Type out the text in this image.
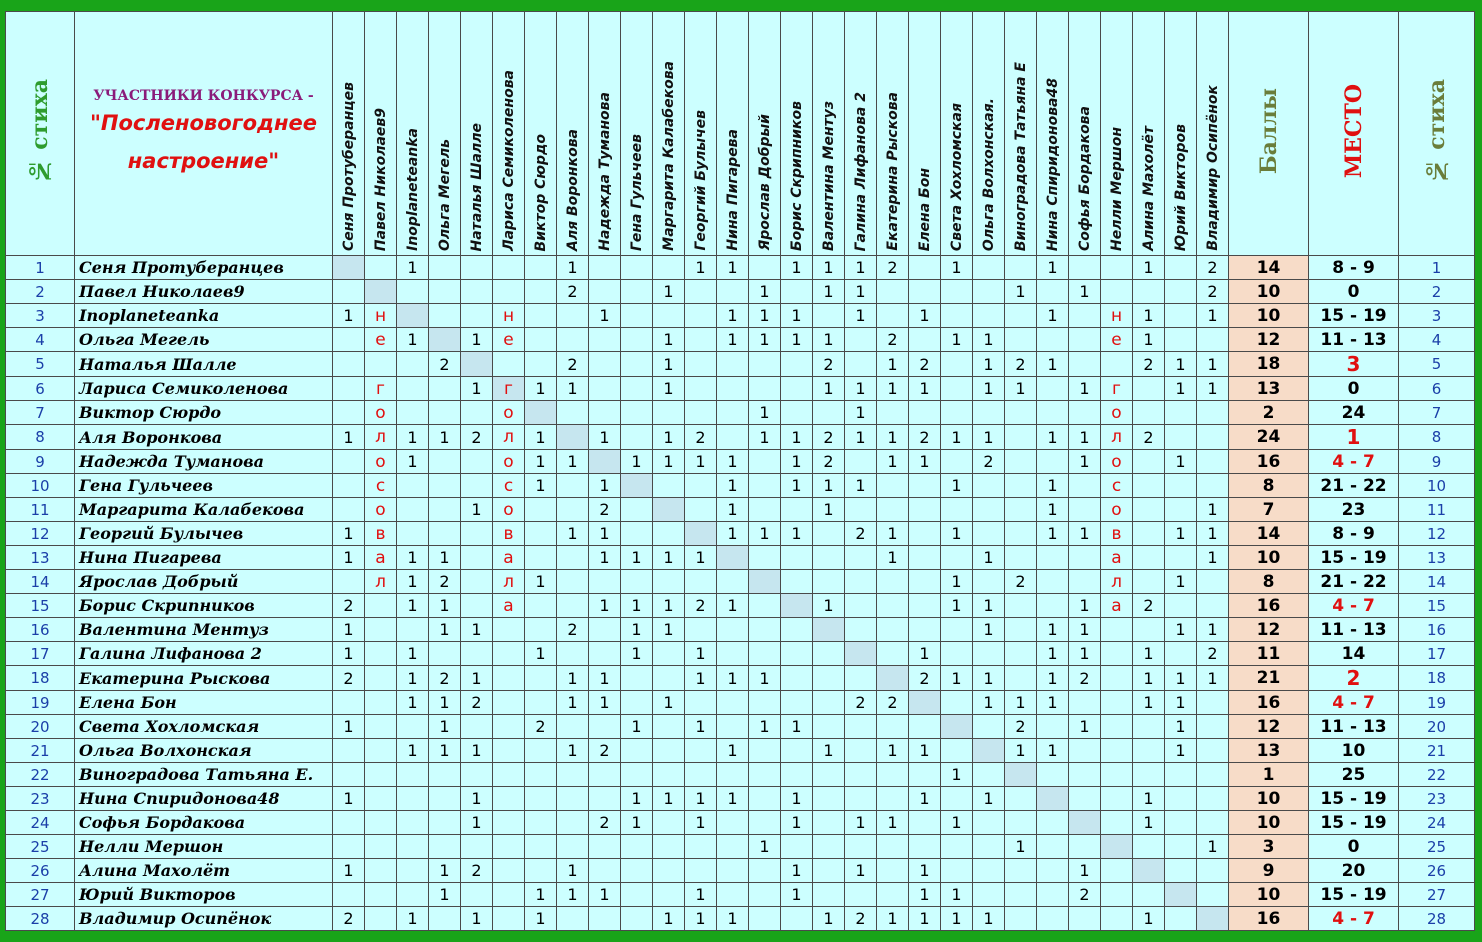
№ стиха	УЧАСТНИКИ КОНКУРСА -
"Послeновогоднее
настроение"	Сеня Протуберанцев	Павел Николаев9	Inoplaneteanka	Ольга Мегель	Наталья Шалле	Лариса Семиколенова	Виктор Сюрдо	Аля Воронкова	Надежда Туманова	Гена Гульчеев	Маргарита Калабекова	Георгий Булычев	Нина Пигарева	Ярослав Добрый	Борис Скрипников	Валентина Ментуз	Галина Лифанова 2	Екатерина Рыскова	Елена Бон	Света Хохломская	Ольга Волхонская.	Виноградова Татьяна Е	Нина Спиридонова48	Софья Бордакова	Нелли Мершон	Алина Махолёт	Юрий Викторов	Владимир Осипёнок	Баллы	МЕСТО	№ стиха
1	Сеня Протуберанцев			1					1				1	1		1	1	1	2		1			1			1		2	14	8 - 9	1
2	Павел Николаев9								2			1			1		1	1					1		1				2	10	0	2
3	Inoplaneteanka	1	н				н			1				1	1	1		1		1				1		н	1		1	10	15 - 19	3
4	Ольга Мегель		е	1		1	е					1		1	1	1	1		2		1	1				е	1			12	11 - 13	4
5	Наталья Шалле				2				2			1					2		1	2		1	2	1			2	1	1	18	3	5
6	Лариса Семиколенова		г			1	г	1	1			1					1	1	1	1		1	1		1	г		1	1	13	0	6
7	Виктор Сюрдо		о				о								1			1								о				2	24	7
8	Аля Воронкова	1	л	1	1	2	л	1		1		1	2		1	1	2	1	1	2	1	1		1	1	л	2			24	1	8
9	Надежда Туманова		о	1			о	1	1		1	1	1	1		1	2		1	1		2			1	о		1		16	4 - 7	9
10	Гена Гульчеев		с				с	1		1				1		1	1	1			1			1		с				8	21 - 22	10
11	Маргарита Калабекова		о			1	о			2				1			1							1		о			1	7	23	11
12	Георгий Булычев	1	в				в		1	1				1	1	1		2	1		1			1	1	в		1	1	14	8 - 9	12
13	Нина Пигарева	1	а	1	1		а			1	1	1	1						1			1				а			1	10	15 - 19	13
14	Ярослав Добрый		л	1	2		л	1													1		2			л		1		8	21 - 22	14
15	Борис Скрипников	2		1	1		а			1	1	1	2	1			1				1	1			1	а	2			16	4 - 7	15
16	Валентина Ментуз	1			1	1			2		1	1										1		1	1			1	1	12	11 - 13	16
17	Галина Лифанова 2	1		1				1			1		1							1				1	1		1		2	11	14	17
18	Екатерина Рыскова	2		1	2	1			1	1			1	1	1					2	1	1		1	2		1	1	1	21	2	18
19	Елена Бон			1	1	2			1	1		1						2	2			1	1	1			1	1		16	4 - 7	19
20	Света Хохломская	1			1			2			1		1		1	1							2		1			1		12	11 - 13	20
21	Ольга Волхонская			1	1	1			1	2				1			1		1	1			1	1				1		13	10	21
22	Виноградова Татьяна Е.																				1									1	25	22
23	Нина Спиридонова48	1				1					1	1	1	1		1				1		1					1			10	15 - 19	23
24	Софья Бордакова					1				2	1		1			1		1	1		1						1			10	15 - 19	24
25	Нелли Мершон														1								1						1	3	0	25
26	Алина Махолёт	1			1	2			1							1		1		1					1					9	20	26
27	Юрий Викторов				1			1	1	1			1			1				1	1				2					10	15 - 19	27
28	Владимир Осипёнок	2		1		1		1				1	1	1			1	2	1	1	1	1					1			16	4 - 7	28
